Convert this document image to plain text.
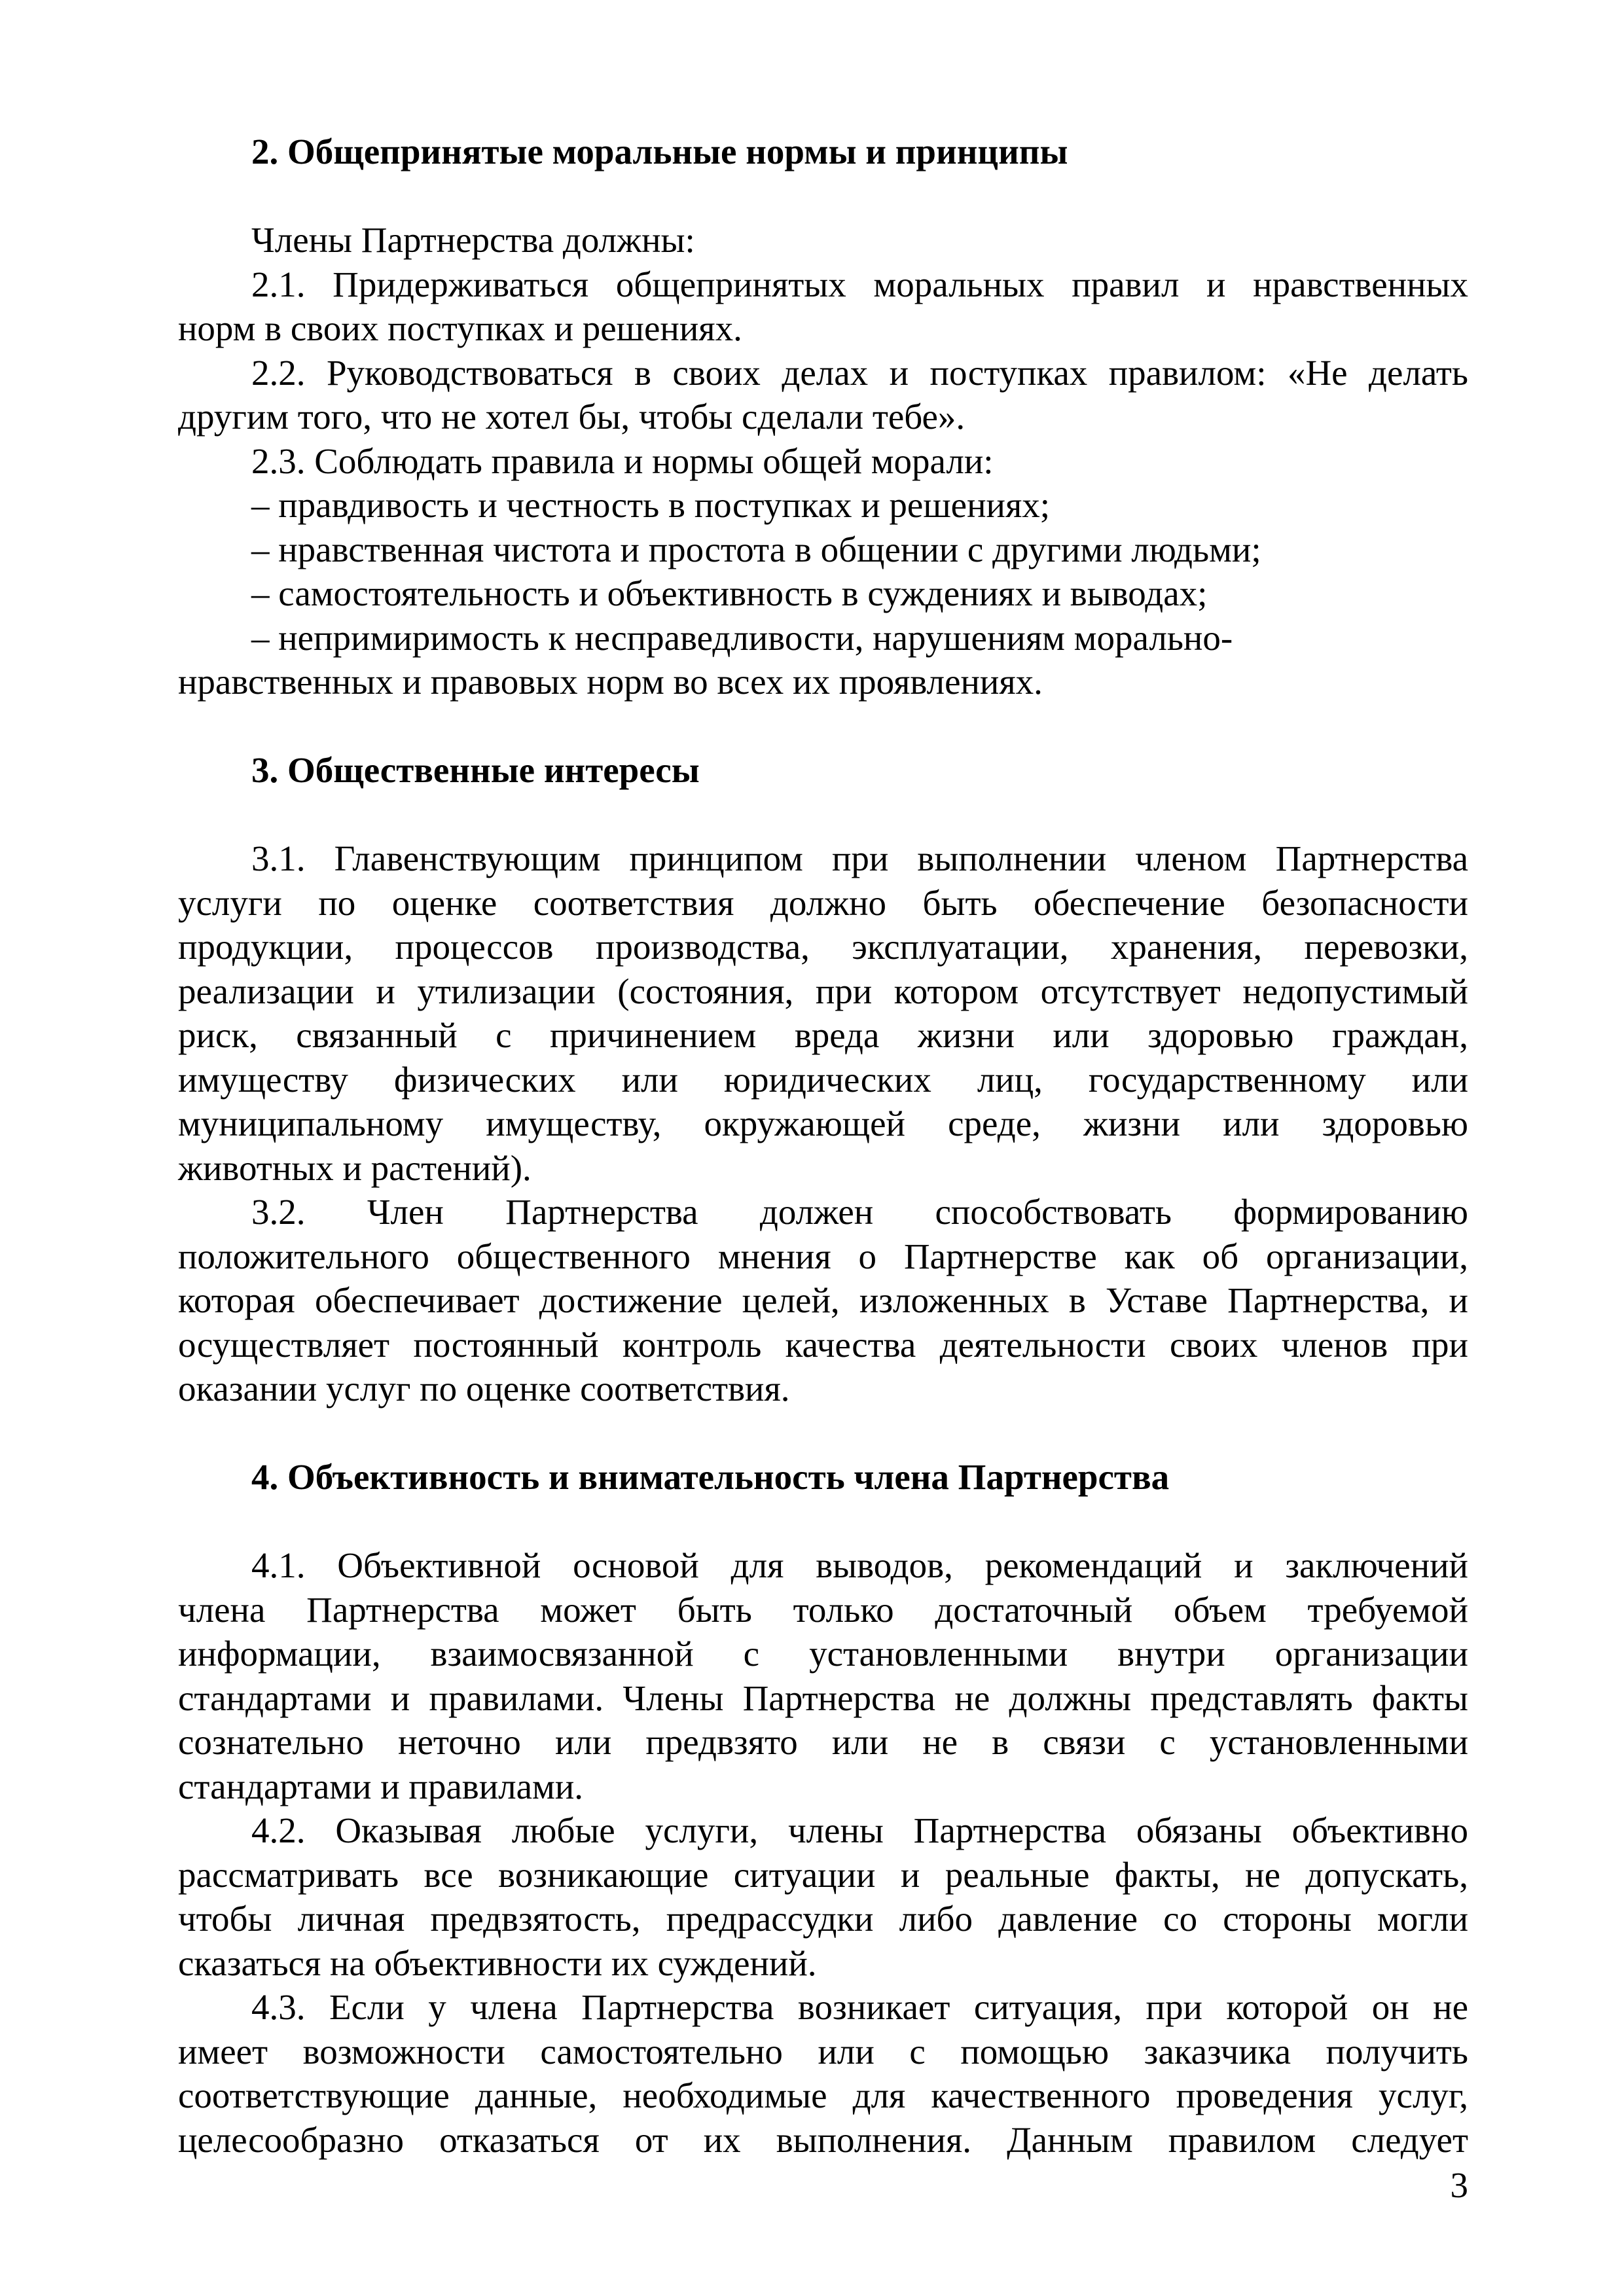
2. Общепринятые моральные нормы и принципы
Члены Партнерства должны:
2.1. Придерживаться общепринятых моральных правил и нравственных
норм в своих поступках и решениях.
2.2. Руководствоваться в своих делах и поступках правилом: «Не делать
другим того, что не хотел бы, чтобы сделали тебе».
2.3. Соблюдать правила и нормы общей морали:
– правдивость и честность в поступках и решениях;
– нравственная чистота и простота в общении с другими людьми;
– самостоятельность и объективность в суждениях и выводах;
– непримиримость к несправедливости, нарушениям морально-
нравственных и правовых норм во всех их проявлениях.
3. Общественные интересы
3.1. Главенствующим принципом при выполнении членом Партнерства
услуги по оценке соответствия должно быть обеспечение безопасности
продукции, процессов производства, эксплуатации, хранения, перевозки,
реализации и утилизации (состояния, при котором отсутствует недопустимый
риск, связанный с причинением вреда жизни или здоровью граждан,
имуществу физических или юридических лиц, государственному или
муниципальному имуществу, окружающей среде, жизни или здоровью
животных и растений).
3.2. Член Партнерства должен способствовать формированию
положительного общественного мнения о Партнерстве как об организации,
которая обеспечивает достижение целей, изложенных в Уставе Партнерства, и
осуществляет постоянный контроль качества деятельности своих членов при
оказании услуг по оценке соответствия.
4. Объективность и внимательность члена Партнерства
4.1. Объективной основой для выводов, рекомендаций и заключений
члена Партнерства может быть только достаточный объем требуемой
информации, взаимосвязанной с установленными внутри организации
стандартами и правилами. Члены Партнерства не должны представлять факты
сознательно неточно или предвзято или не в связи с установленными
стандартами и правилами.
4.2. Оказывая любые услуги, члены Партнерства обязаны объективно
рассматривать все возникающие ситуации и реальные факты, не допускать,
чтобы личная предвзятость, предрассудки либо давление со стороны могли
сказаться на объективности их суждений.
4.3. Если у члена Партнерства возникает ситуация, при которой он не
имеет возможности самостоятельно или с помощью заказчика получить
соответствующие данные, необходимые для качественного проведения услуг,
целесообразно отказаться от их выполнения. Данным правилом следует
3
